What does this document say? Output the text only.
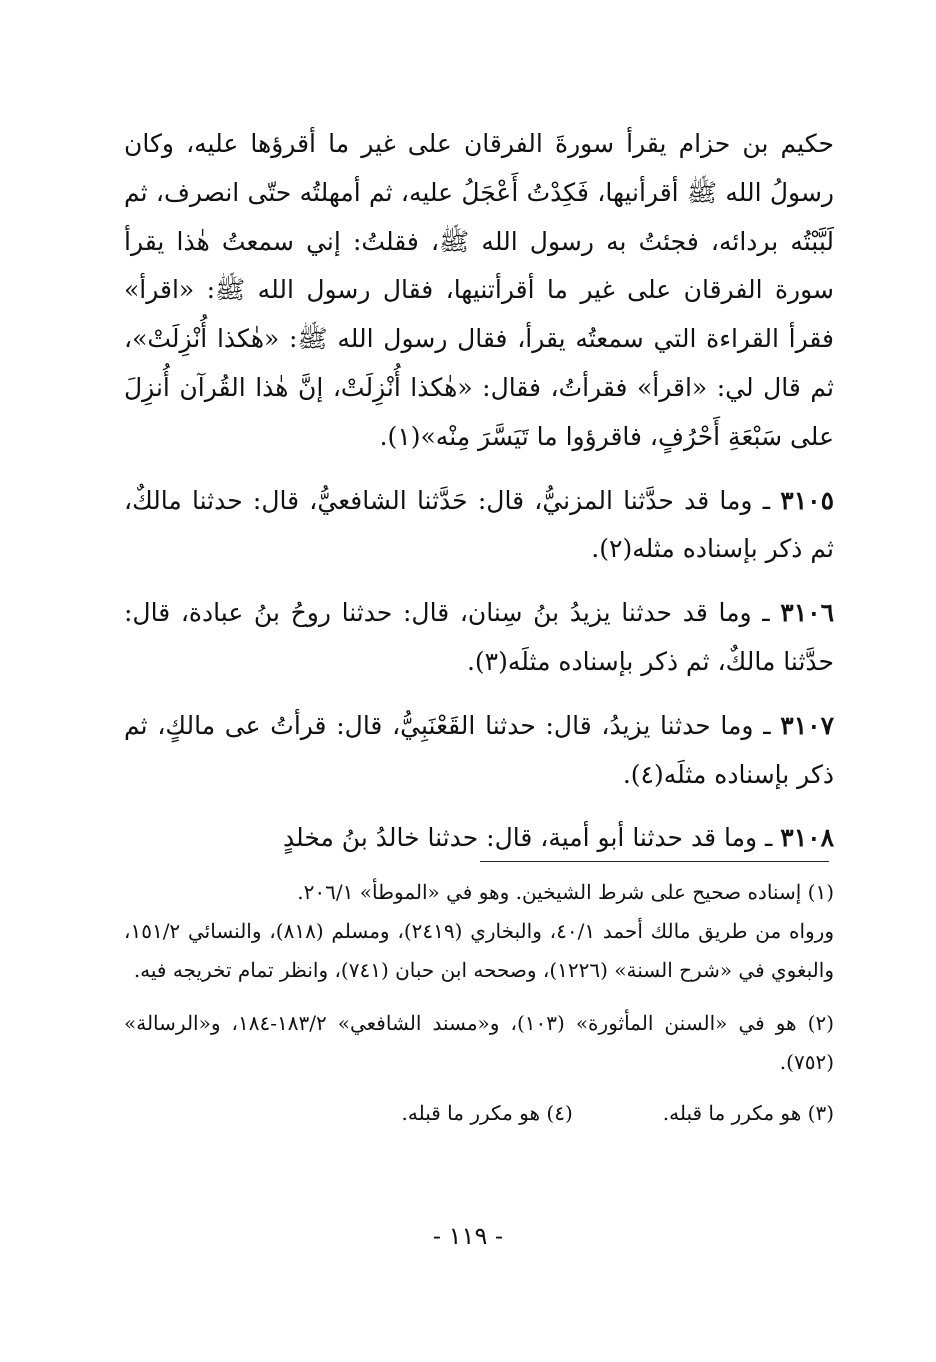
حكيم بن حزام يقرأ سورةَ الفرقان على غير ما أقرؤها عليه، وكان رسولُ الله ﷺ أقرأنيها، فَكِدْتُ أَعْجَلُ عليه، ثم أمهلتُه حتّى انصرف، ثم لَبَّبْتُه بردائه، فجئتُ به رسول الله ﷺ، فقلتُ: إني سمعتُ هٰذا يقرأ سورة الفرقان على غير ما أقرأتنيها، فقال رسول الله ﷺ: «اقرأ» فقرأ القراءة التي سمعتُه يقرأ، فقال رسول الله ﷺ: «هٰكذا أُنْزِلَتْ»، ثم قال لي: «اقرأ» فقرأتُ، فقال: «هٰكذا أُنْزِلَتْ، إنَّ هٰذا القُرآن أُنزِلَ على سَبْعَةِ أَحْرُفٍ، فاقرؤوا ما تَيَسَّرَ مِنْه»(١).

٣١٠٥ ـ وما قد حدَّثنا المزنيُّ، قال: حَدَّثنا الشافعيُّ، قال: حدثنا مالكٌ، ثم ذكر بإسناده مثله(٢).

٣١٠٦ ـ وما قد حدثنا يزيدُ بنُ سِنان، قال: حدثنا روحُ بنُ عبادة، قال: حدَّثنا مالكٌ، ثم ذكر بإسناده مثلَه(٣).

٣١٠٧ ـ وما حدثنا يزيدُ، قال: حدثنا القَعْنَبِيُّ، قال: قرأتُ عى مالكٍ، ثم ذكر بإسناده مثلَه(٤).

٣١٠٨ ـ وما قد حدثنا أبو أمية، قال: حدثنا خالدُ بنُ مخلدٍ

(١) إسناده صحيح على شرط الشيخين. وهو في «الموطأ» ٢٠٦/١.
ورواه من طريق مالك أحمد ٤٠/١، والبخاري (٢٤١٩)، ومسلم (٨١٨)، والنسائي ١٥١/٢، والبغوي في «شرح السنة» (١٢٢٦)، وصححه ابن حبان (٧٤١)، وانظر تمام تخريجه فيه.

(٢) هو في «السنن المأثورة» (١٠٣)، و«مسند الشافعي» ١٨٣/٢-١٨٤، و«الرسالة» (٧٥٢).

(٣) هو مكرر ما قبله.
(٤) هو مكرر ما قبله.
- ١١٩ -
